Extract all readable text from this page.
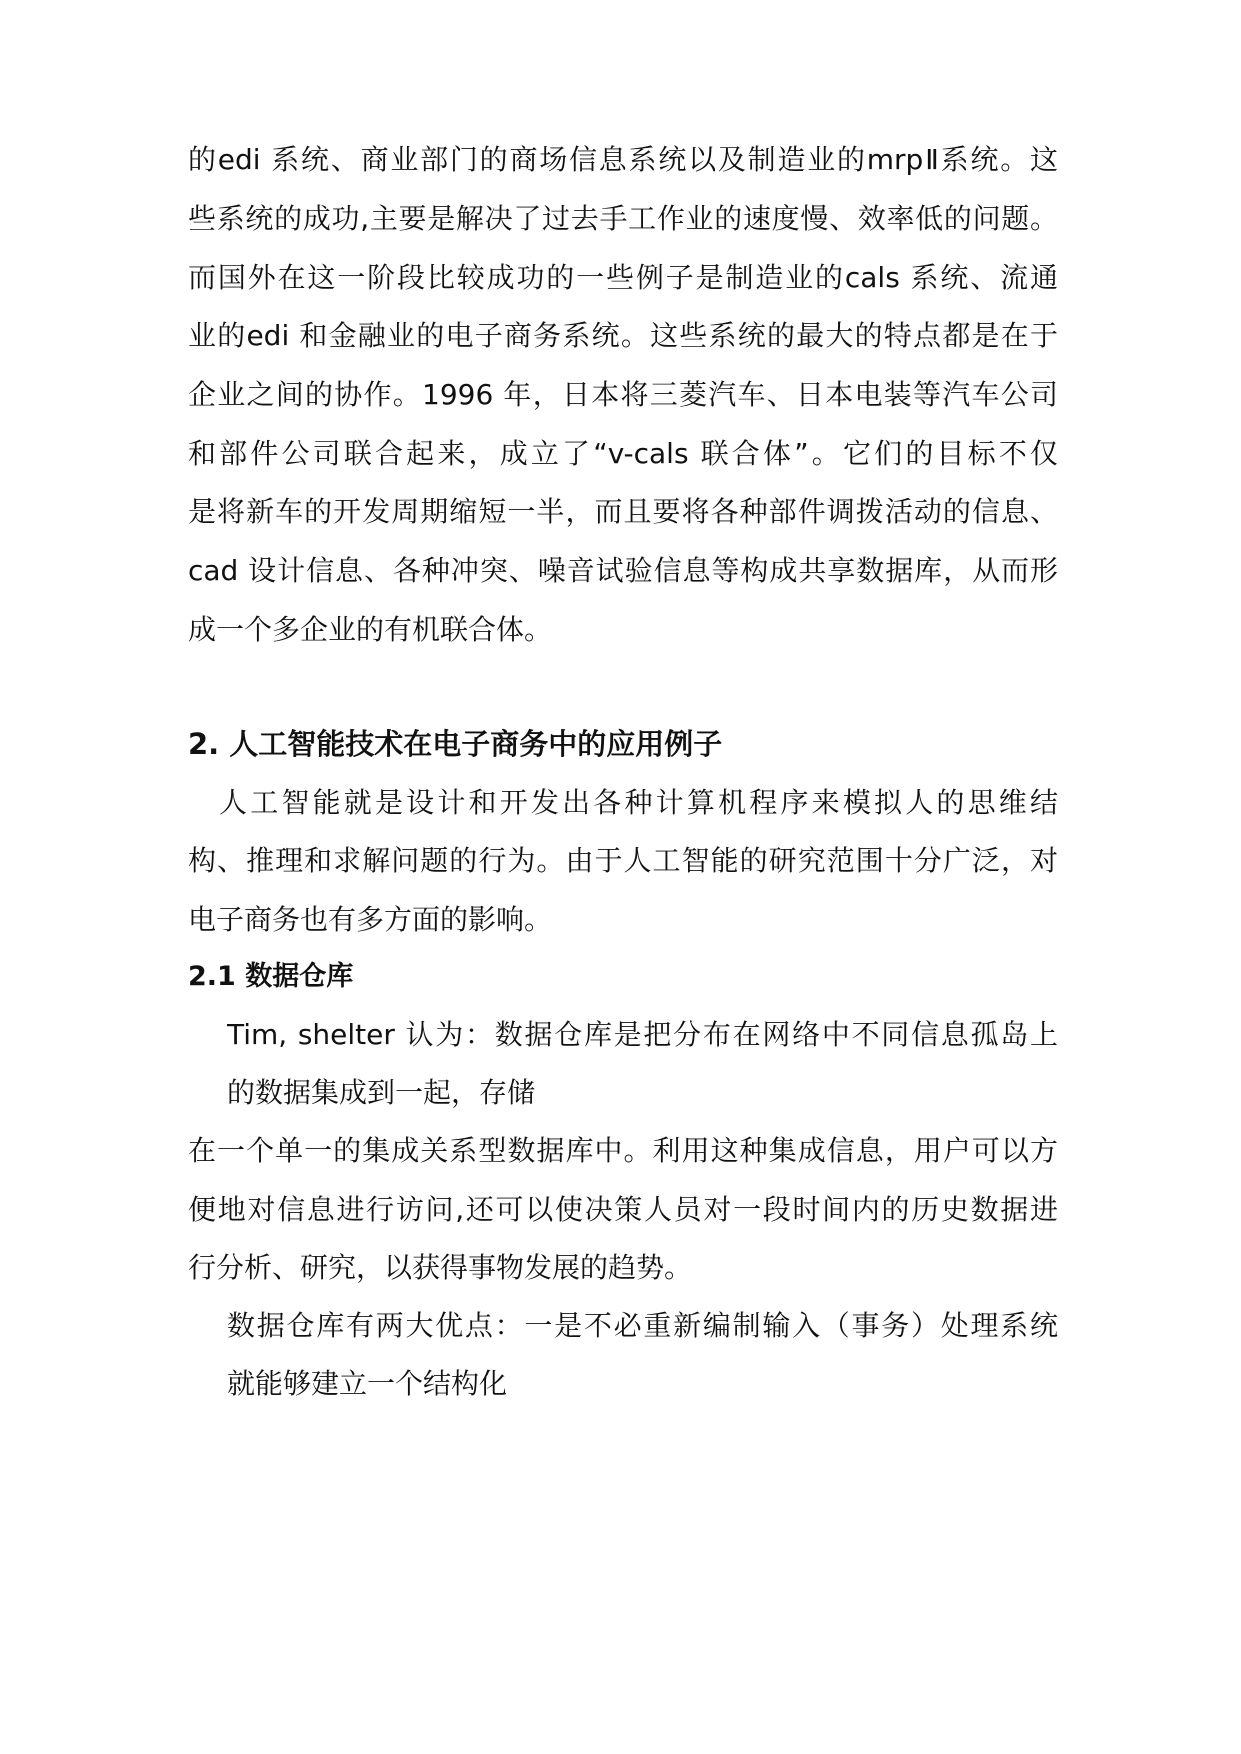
的edi 系统、商业部门的商场信息系统以及制造业的mrpⅡ系统。这
些系统的成功,主要是解决了过去手工作业的速度慢、效率低的问题。
而国外在这一阶段比较成功的一些例子是制造业的cals 系统、流通
业的edi 和金融业的电子商务系统。这些系统的最大的特点都是在于
企业之间的协作。1996 年，日本将三菱汽车、日本电装等汽车公司
和部件公司联合起来，成立了“v-cals 联合体”。它们的目标不仅
是将新车的开发周期缩短一半，而且要将各种部件调拨活动的信息、
cad 设计信息、各种冲突、噪音试验信息等构成共享数据库，从而形
成一个多企业的有机联合体。
2. 人工智能技术在电子商务中的应用例子
人工智能就是设计和开发出各种计算机程序来模拟人的思维结
构、推理和求解问题的行为。由于人工智能的研究范围十分广泛，对
电子商务也有多方面的影响。
2.1 数据仓库
Tim, shelter 认为：数据仓库是把分布在网络中不同信息孤岛上
的数据集成到一起，存储
在一个单一的集成关系型数据库中。利用这种集成信息，用户可以方
便地对信息进行访问,还可以使决策人员对一段时间内的历史数据进
行分析、研究，以获得事物发展的趋势。
数据仓库有两大优点：一是不必重新编制输入（事务）处理系统
就能够建立一个结构化
